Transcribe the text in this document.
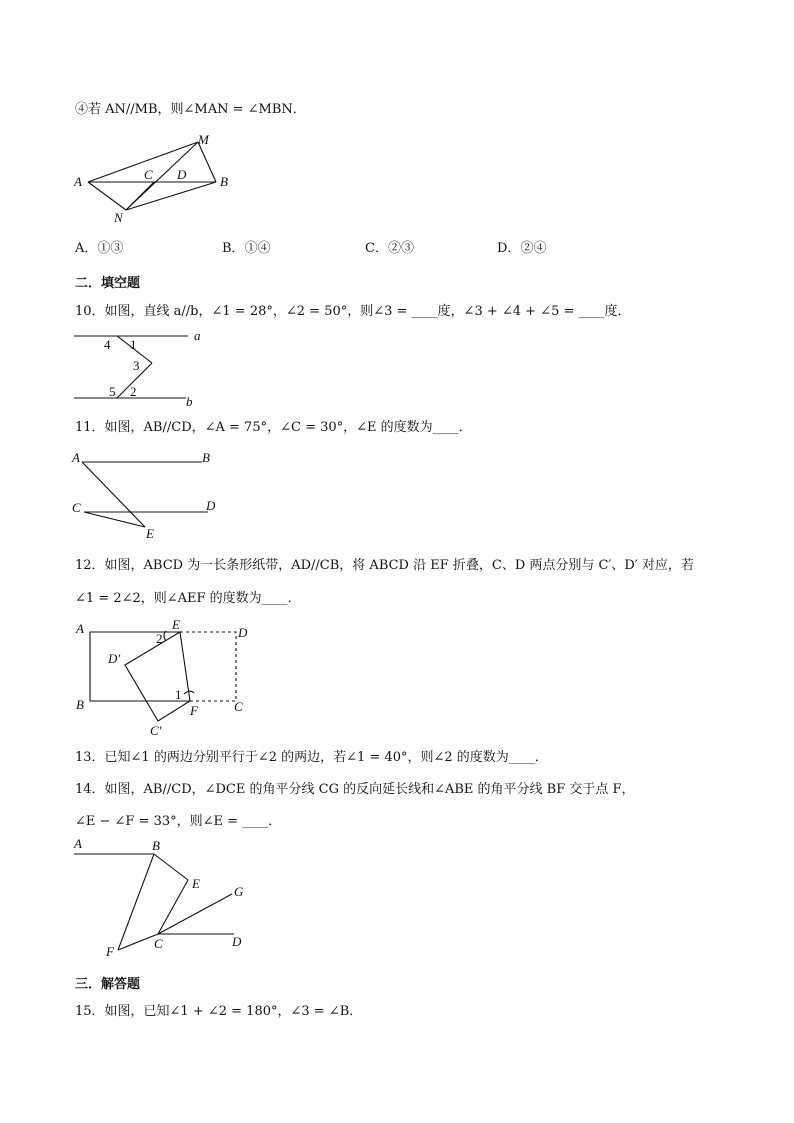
④若 AN//MB，则∠MAN = ∠MBN．
A	B
C D
M
N
A．①③	B．①④	C．②③	D．②④
二．填空题
10．如图，直线 a//b，∠1 = 28°，∠2 = 50°，则∠3 = ____度，∠3 + ∠4 + ∠5 = ____度．
a
b
4 1
3
5 2
11．如图，AB//CD，∠A = 75°，∠C = 30°，∠E 的度数为____．
A	B
C	D
E
12．如图，ABCD 为一长条形纸带，AD//CB，将 ABCD 沿 EF 折叠，C、D 两点分别与 C′、D′ 对应，若
∠1 = 2∠2，则∠AEF 的度数为____．
A
B	C
D
E
F
C′
D′
2
1
13．已知∠1 的两边分别平行于∠2 的两边，若∠1 = 40°，则∠2 的度数为____．
14．如图，AB//CD，∠DCE 的角平分线 CG 的反向延长线和∠ABE 的角平分线 BF 交于点 F，
∠E − ∠F = 33°，则∠E = ____．
A	B
C	D
E
F
G
三．解答题
15．如图，已知∠1 + ∠2 = 180°，∠3 = ∠B．
